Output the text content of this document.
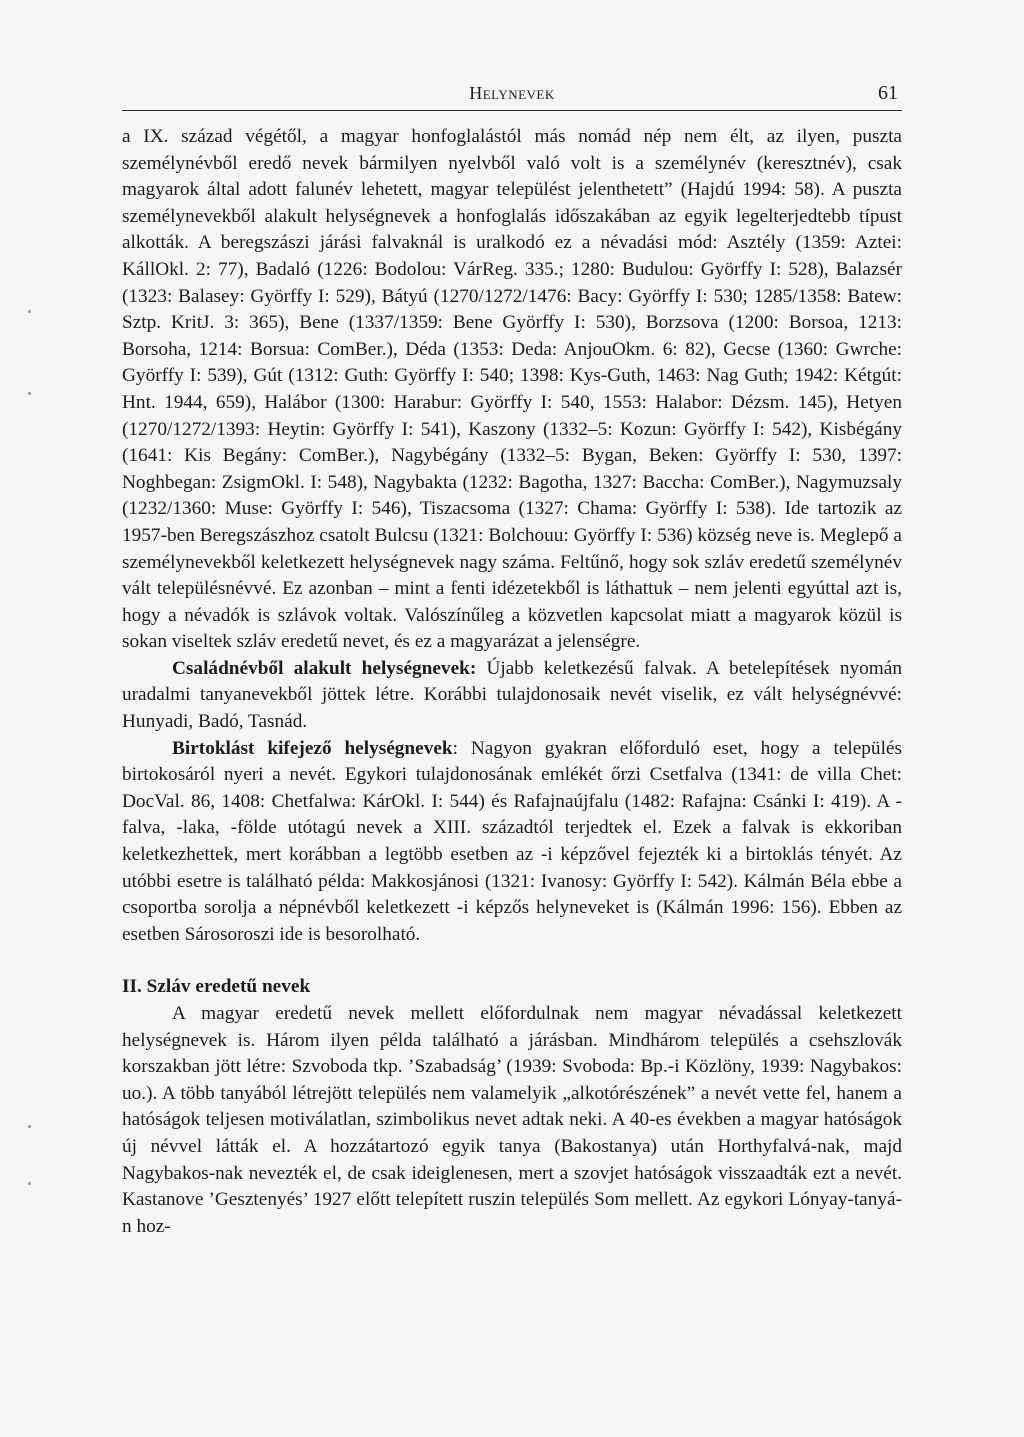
Helynevek	61

a IX. század végétől, a magyar honfoglalástól más nomád nép nem élt, az ilyen, puszta személynévből eredő nevek bármilyen nyelvből való volt is a személynév (keresztnév), csak magyarok által adott falunév lehetett, magyar települést jelenthetett” (Hajdú 1994: 58). A puszta személynevekből alakult helységnevek a honfoglalás időszakában az egyik legelterjedtebb típust alkották. A beregszászi járási falvaknál is uralkodó ez a névadási mód: Asztély (1359: Aztei: KállOkl. 2: 77), Badaló (1226: Bodolou: VárReg. 335.; 1280: Budulou: Györffy I: 528), Balazsér (1323: Balasey: Györffy I: 529), Bátyú (1270/1272/1476: Bacy: Györffy I: 530; 1285/1358: Batew: Sztp. KritJ. 3: 365), Bene (1337/1359: Bene Györffy I: 530), Borzsova (1200: Borsoa, 1213: Borsoha, 1214: Borsua: ComBer.), Déda (1353: Deda: AnjouOkm. 6: 82), Gecse (1360: Gwrche: Györffy I: 539), Gút (1312: Guth: Györffy I: 540; 1398: Kys-Guth, 1463: Nag Guth; 1942: Kétgút: Hnt. 1944, 659), Halábor (1300: Harabur: Györffy I: 540, 1553: Halabor: Dézsm. 145), Hetyen (1270/1272/1393: Heytin: Györffy I: 541), Kaszony (1332–5: Kozun: Györffy I: 542), Kisbégány (1641: Kis Begány: ComBer.), Nagybégány (1332–5: Bygan, Beken: Györffy I: 530, 1397: Noghbegan: ZsigmOkl. I: 548), Nagybakta (1232: Bagotha, 1327: Baccha: ComBer.), Nagymuzsaly (1232/1360: Muse: Györffy I: 546), Tiszacsoma (1327: Chama: Györffy I: 538). Ide tartozik az 1957-ben Beregszászhoz csatolt Bulcsu (1321: Bolchouu: Györffy I: 536) község neve is. Meglepő a személynevekből keletkezett helységnevek nagy száma. Feltűnő, hogy sok szláv eredetű személynév vált településnévvé. Ez azonban – mint a fenti idézetekből is láthattuk – nem jelenti egyúttal azt is, hogy a névadók is szlávok voltak. Valószínűleg a közvetlen kapcsolat miatt a magyarok közül is sokan viseltek szláv eredetű nevet, és ez a magyarázat a jelenségre.

Családnévből alakult helységnevek: Újabb keletkezésű falvak. A betelepítések nyomán uradalmi tanyanevekből jöttek létre. Korábbi tulajdonosaik nevét viselik, ez vált helységnévvé: Hunyadi, Badó, Tasnád.

Birtoklást kifejező helységnevek: Nagyon gyakran előforduló eset, hogy a település birtokosáról nyeri a nevét. Egykori tulajdonosának emlékét őrzi Csetfalva (1341: de villa Chet: DocVal. 86, 1408: Chetfalwa: KárOkl. I: 544) és Rafajnaújfalu (1482: Rafajna: Csánki I: 419). A -falva, -laka, -földe utótagú nevek a XIII. századtól terjedtek el. Ezek a falvak is ekkoriban keletkezhettek, mert korábban a legtöbb esetben az -i képzővel fejezték ki a birtoklás tényét. Az utóbbi esetre is található példa: Makkosjánosi (1321: Ivanosy: Györffy I: 542). Kálmán Béla ebbe a csoportba sorolja a népnévből keletkezett -i képzős helyneveket is (Kálmán 1996: 156). Ebben az esetben Sárosoroszi ide is besorolható.

II. Szláv eredetű nevek

A magyar eredetű nevek mellett előfordulnak nem magyar névadással keletkezett helységnevek is. Három ilyen példa található a járásban. Mindhárom település a csehszlovák korszakban jött létre: Szvoboda tkp. ’Szabadság’ (1939: Svoboda: Bp.-i Közlöny, 1939: Nagybakos: uo.). A több tanyából létrejött település nem valamelyik „alkotórészének” a nevét vette fel, hanem a hatóságok teljesen motiválatlan, szimbolikus nevet adtak neki. A 40-es években a magyar hatóságok új névvel látták el. A hozzátartozó egyik tanya (Bakostanya) után Horthyfalvá-nak, majd Nagybakos-nak nevezték el, de csak ideiglenesen, mert a szovjet hatóságok visszaadták ezt a nevét. Kastanove ’Gesztenyés’ 1927 előtt telepített ruszin település Som mellett. Az egykori Lónyay-tanyá-n hoz-
